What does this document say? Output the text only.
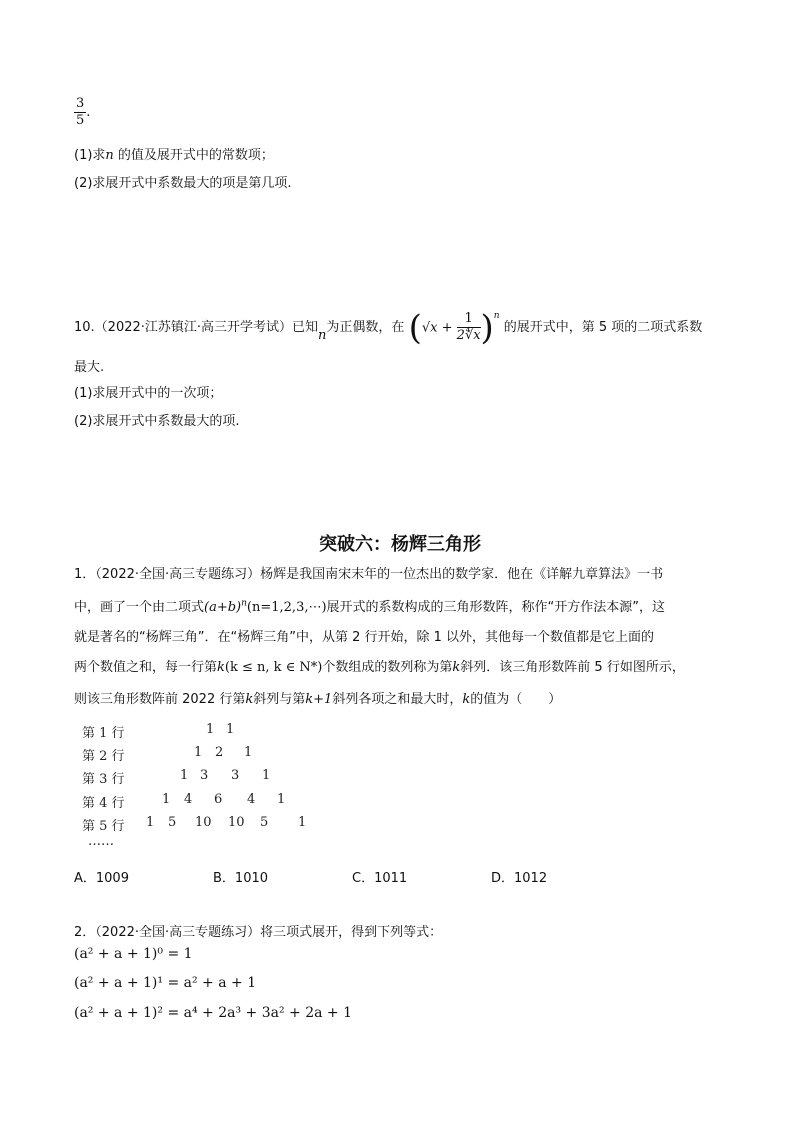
$\frac{3}{5}$ .
(1)求n 的值及展开式中的常数项；
(2)求展开式中系数最大的项是第几项.
10.（2022·江苏镇江·高三开学考试）已知n为正偶数，在 $(√x + \frac{1}{2∜x} )^n$ 的展开式中，第 5 项的二项式系数
最大.
(1)求展开式中的一次项；
(2)求展开式中系数最大的项.
突破六：杨辉三角形
1．（2022·全国·高三专题练习）杨辉是我国南宋末年的一位杰出的数学家．他在《详解九章算法》一书
中，画了一个由二项式$(a+b)^n(n=1,2,3,\cdots)$展开式的系数构成的三角形数阵，称作“开方作法本源”，这
就是著名的“杨辉三角”．在“杨辉三角”中，从第 2 行开始，除 1 以外，其他每一个数值都是它上面的
两个数值之和，每一行第k(k ≤ n, k ∈ N*)个数组成的数列称为第k斜列．该三角形数阵前 5 行如图所示，
则该三角形数阵前 2022 行第k斜列与第k+1斜列各项之和最大时，k的值为（　　）
第 1 行	1 1
第 2 行	1 2 1
第 3 行	1 3 3 1
第 4 行	1 4 6 4 1
第 5 行 1 5 10 10 5 1
……
A．1009	B．1010	C．1011	D．1012
2．（2022·全国·高三专题练习）将三项式展开，得到下列等式：
(a² + a + 1)⁰ = 1
(a² + a + 1)¹ = a² + a + 1
(a² + a + 1)² = a⁴ + 2a³ + 3a² + 2a + 1
